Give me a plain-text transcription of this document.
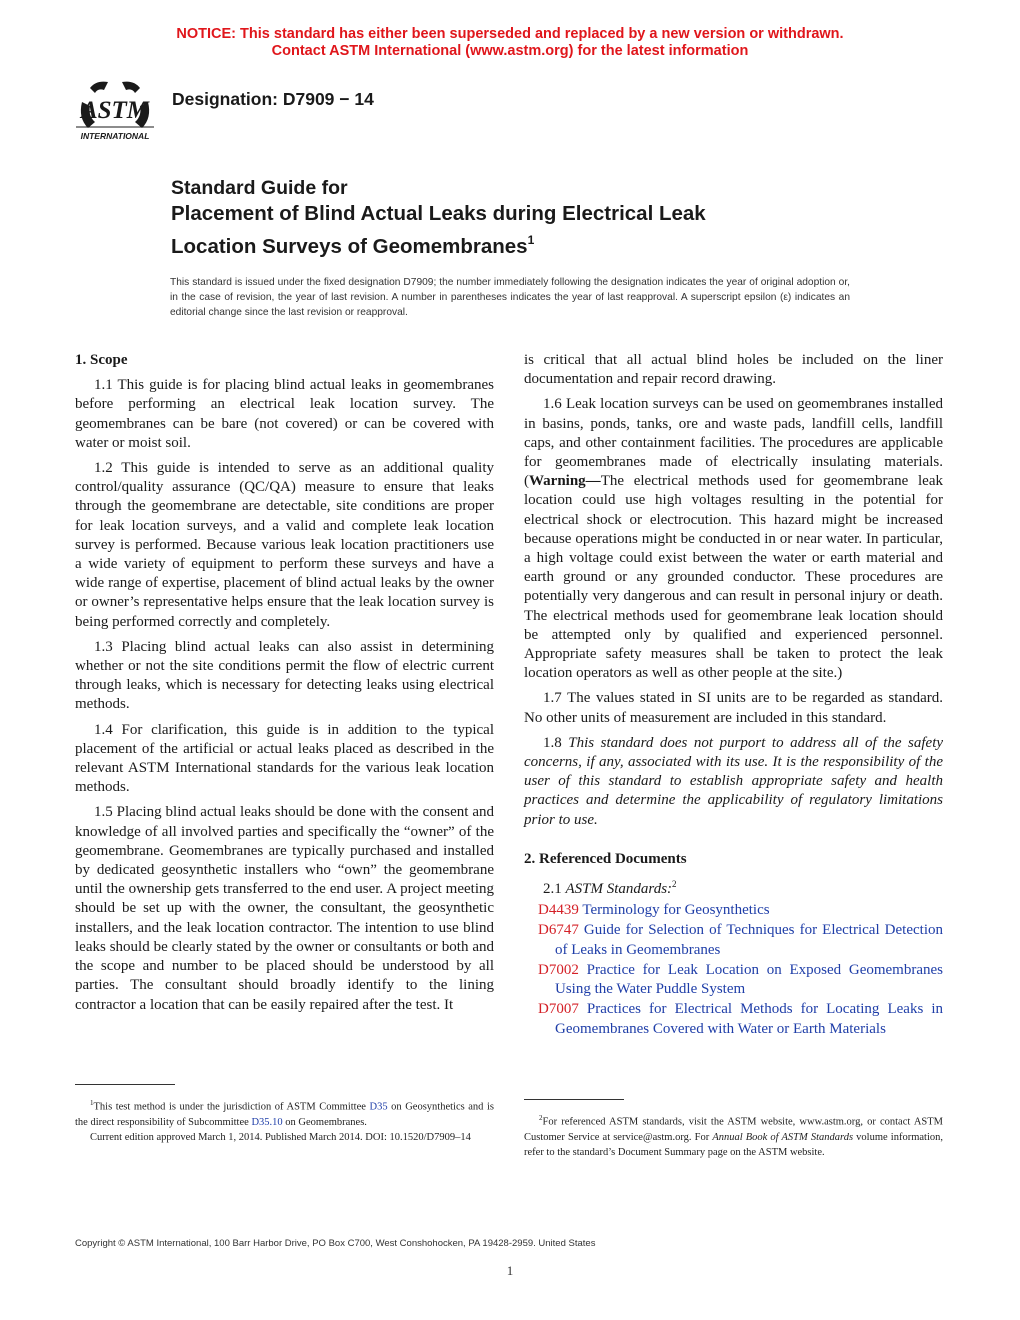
NOTICE: This standard has either been superseded and replaced by a new version or withdrawn.
Contact ASTM International (www.astm.org) for the latest information
ASTM
INTERNATIONAL
Designation: D7909 − 14
Standard Guide for
Placement of Blind Actual Leaks during Electrical Leak
Location Surveys of Geomembranes$^1$
This standard is issued under the fixed designation D7909; the number immediately following the designation indicates the year of original adoption or, in the case of revision, the year of last revision. A number in parentheses indicates the year of last reapproval. A superscript epsilon (ε) indicates an editorial change since the last revision or reapproval.
1. Scope

1.1 This guide is for placing blind actual leaks in geomembranes before performing an electrical leak location survey. The geomembranes can be bare (not covered) or can be covered with water or moist soil.

1.2 This guide is intended to serve as an additional quality control/quality assurance (QC/QA) measure to ensure that leaks through the geomembrane are detectable, site conditions are proper for leak location surveys, and a valid and complete leak location survey is performed. Because various leak location practitioners use a wide variety of equipment to perform these surveys and have a wide range of expertise, placement of blind actual leaks by the owner or owner’s representative helps ensure that the leak location survey is being performed correctly and completely.

1.3 Placing blind actual leaks can also assist in determining whether or not the site conditions permit the flow of electric current through leaks, which is necessary for detecting leaks using electrical methods.

1.4 For clarification, this guide is in addition to the typical placement of the artificial or actual leaks placed as described in the relevant ASTM International standards for the various leak location methods.

1.5 Placing blind actual leaks should be done with the consent and knowledge of all involved parties and specifically the “owner” of the geomembrane. Geomembranes are typically purchased and installed by dedicated geosynthetic installers who “own” the geomembrane until the ownership gets transferred to the end user. A project meeting should be set up with the owner, the consultant, the geosynthetic installers, and the leak location contractor. The intention to use blind leaks should be clearly stated by the owner or consultants or both and the scope and number to be placed should be understood by all parties. The consultant should broadly identify to the lining contractor a location that can be easily repaired after the test. It

is critical that all actual blind holes be included on the liner documentation and repair record drawing.

1.6 Leak location surveys can be used on geomembranes installed in basins, ponds, tanks, ore and waste pads, landfill cells, landfill caps, and other containment facilities. The procedures are applicable for geomembranes made of electrically insulating materials. (Warning—The electrical methods used for geomembrane leak location could use high voltages resulting in the potential for electrical shock or electrocution. This hazard might be increased because operations might be conducted in or near water. In particular, a high voltage could exist between the water or earth material and earth ground or any grounded conductor. These procedures are potentially very dangerous and can result in personal injury or death. The electrical methods used for geomembrane leak location should be attempted only by qualified and experienced personnel. Appropriate safety measures shall be taken to protect the leak location operators as well as other people at the site.)

1.7 The values stated in SI units are to be regarded as standard. No other units of measurement are included in this standard.

1.8 This standard does not purport to address all of the safety concerns, if any, associated with its use. It is the responsibility of the user of this standard to establish appropriate safety and health practices and determine the applicability of regulatory limitations prior to use.

2. Referenced Documents

2.1 ASTM Standards:$^2$

D4439 Terminology for Geosynthetics

D6747 Guide for Selection of Techniques for Electrical Detection of Leaks in Geomembranes

D7002 Practice for Leak Location on Exposed Geomembranes Using the Water Puddle System

D7007 Practices for Electrical Methods for Locating Leaks in Geomembranes Covered with Water or Earth Materials

$^1$This test method is under the jurisdiction of ASTM Committee D35 on Geosynthetics and is the direct responsibility of Subcommittee D35.10 on Geomembranes.

Current edition approved March 1, 2014. Published March 2014. DOI: 10.1520/D7909–14

$^2$For referenced ASTM standards, visit the ASTM website, www.astm.org, or contact ASTM Customer Service at service@astm.org. For Annual Book of ASTM Standards volume information, refer to the standard’s Document Summary page on the ASTM website.

Copyright © ASTM International, 100 Barr Harbor Drive, PO Box C700, West Conshohocken, PA 19428-2959. United States
1
